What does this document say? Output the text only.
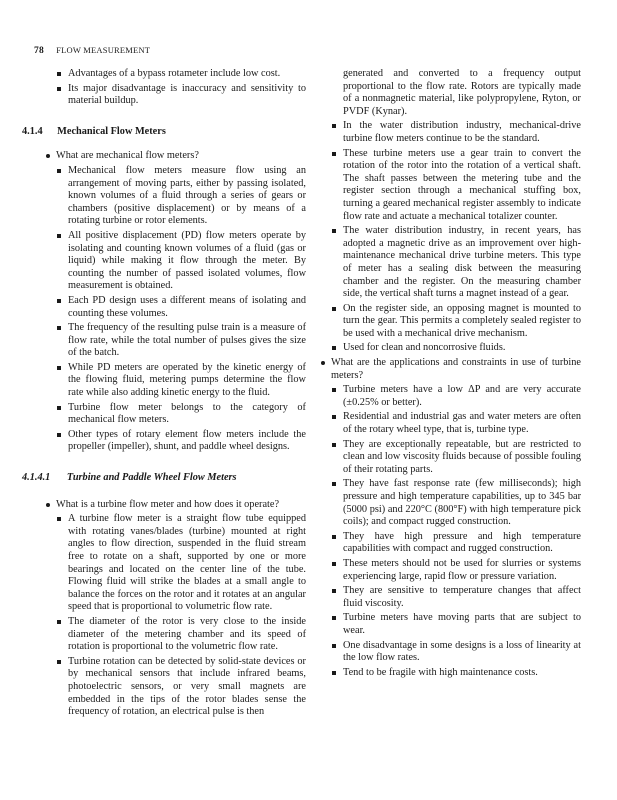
78 FLOW MEASUREMENT
Advantages of a bypass rotameter include low cost.
Its major disadvantage is inaccuracy and sensitivity to material buildup.
4.1.4 Mechanical Flow Meters
What are mechanical flow meters?
Mechanical flow meters measure flow using an arrangement of moving parts, either by passing isolated, known volumes of a fluid through a series of gears or chambers (positive displacement) or by means of a rotating turbine or rotor elements.
All positive displacement (PD) flow meters operate by isolating and counting known volumes of a fluid (gas or liquid) while making it flow through the meter. By counting the number of passed isolated volumes, flow measurement is obtained.
Each PD design uses a different means of isolating and counting these volumes.
The frequency of the resulting pulse train is a measure of flow rate, while the total number of pulses gives the size of the batch.
While PD meters are operated by the kinetic energy of the flowing fluid, metering pumps determine the flow rate while also adding kinetic energy to the fluid.
Turbine flow meter belongs to the category of mechanical flow meters.
Other types of rotary element flow meters include the propeller (impeller), shunt, and paddle wheel designs.
4.1.4.1 Turbine and Paddle Wheel Flow Meters
What is a turbine flow meter and how does it operate?
A turbine flow meter is a straight flow tube equipped with rotating vanes/blades (turbine) mounted at right angles to flow direction, suspended in the fluid stream free to rotate on a shaft, supported by one or more bearings and located on the center line of the tube. Flowing fluid will strike the blades at a small angle to balance the forces on the rotor and it rotates at an angular speed that is proportional to volumetric flow rate.
The diameter of the rotor is very close to the inside diameter of the metering chamber and its speed of rotation is proportional to the volumetric flow rate.
Turbine rotation can be detected by solid-state devices or by mechanical sensors that include infrared beams, photoelectric sensors, or very small magnets are embedded in the tips of the rotor blades sense the frequency of rotation, an electrical pulse is then
generated and converted to a frequency output proportional to the flow rate. Rotors are typically made of a nonmagnetic material, like polypropylene, Ryton, or PVDF (Kynar).
In the water distribution industry, mechanical-drive turbine flow meters continue to be the standard.
These turbine meters use a gear train to convert the rotation of the rotor into the rotation of a vertical shaft. The shaft passes between the metering tube and the register section through a mechanical stuffing box, turning a geared mechanical register assembly to indicate flow rate and actuate a mechanical totalizer counter.
The water distribution industry, in recent years, has adopted a magnetic drive as an improvement over high-maintenance mechanical drive turbine meters. This type of meter has a sealing disk between the measuring chamber and the register. On the measuring chamber side, the vertical shaft turns a magnet instead of a gear.
On the register side, an opposing magnet is mounted to turn the gear. This permits a completely sealed register to be used with a mechanical drive mechanism.
Used for clean and noncorrosive fluids.
What are the applications and constraints in use of turbine meters?
Turbine meters have a low ΔP and are very accurate (±0.25% or better).
Residential and industrial gas and water meters are often of the rotary wheel type, that is, turbine type.
They are exceptionally repeatable, but are restricted to clean and low viscosity fluids because of possible fouling of their rotating parts.
They have fast response rate (few milliseconds); high pressure and high temperature capabilities, up to 345 bar (5000 psi) and 220°C (800°F) with high temperature pick coils); and compact rugged construction.
They have high pressure and high temperature capabilities with compact and rugged construction.
These meters should not be used for slurries or systems experiencing large, rapid flow or pressure variation.
They are sensitive to temperature changes that affect fluid viscosity.
Turbine meters have moving parts that are subject to wear.
One disadvantage in some designs is a loss of linearity at the low flow rates.
Tend to be fragile with high maintenance costs.
